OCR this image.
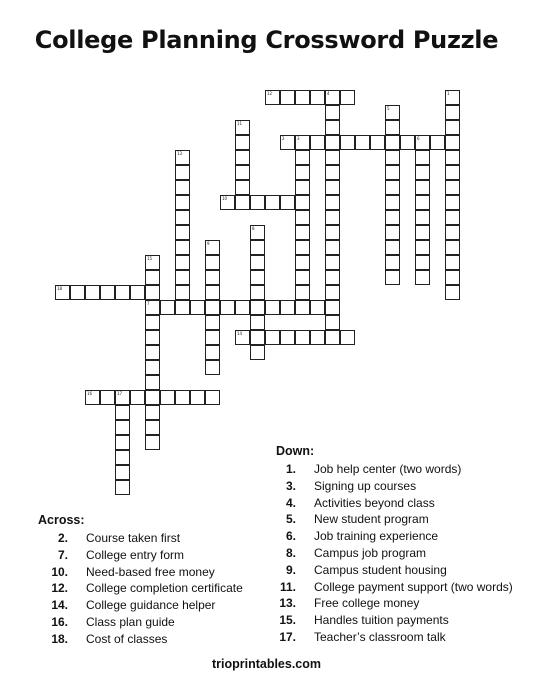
College Planning Crossword Puzzle
12	4	1
5
11
2	3	6
13
10
8
9
15
7
18
14
16	17
Across:
2. Course taken first
7. College entry form
10. Need-based free money
12. College completion certificate
14. College guidance helper
16. Class plan guide
18. Cost of classes
Down:
1. Job help center (two words)
3. Signing up courses
4. Activities beyond class
5. New student program
6. Job training experience
8. Campus job program
9. Campus student housing
11. College payment support (two words)
13. Free college money
15. Handles tuition payments
17. Teacher’s classroom talk
trioprintables.com
